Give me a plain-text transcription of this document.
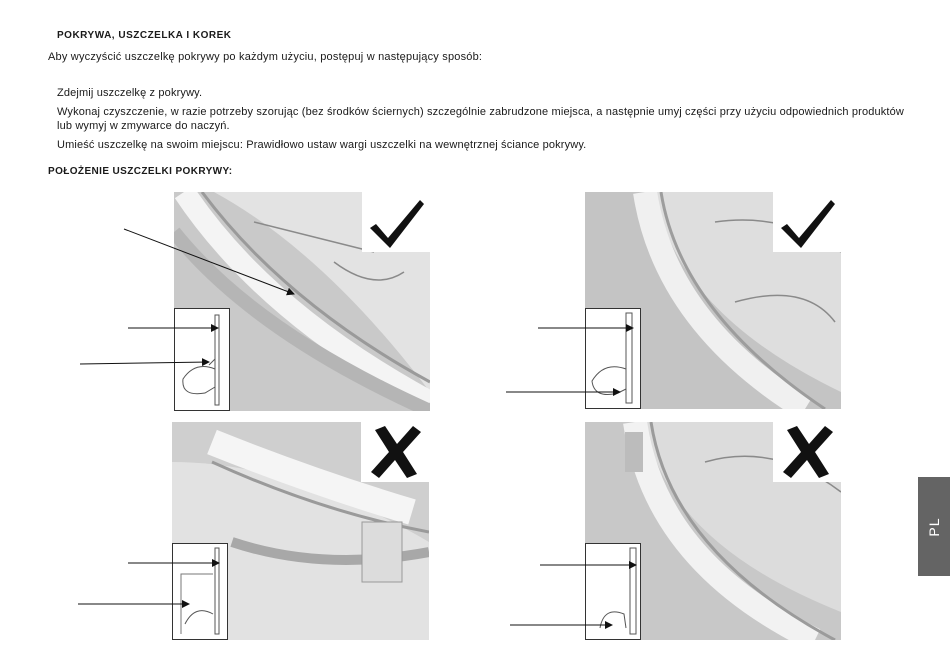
POKRYWA, USZCZELKA I KOREK
Aby wyczyścić uszczelkę pokrywy po każdym użyciu, postępuj w następujący sposób:

Zdejmij uszczelkę z pokrywy.

Wykonaj czyszczenie, w razie potrzeby szorując (bez środków ściernych) szczególnie zabrudzone miejsca, a następnie umyj części przy użyciu odpowiednich produktów lub wymyj w zmywarce do naczyń.

Umieść uszczelkę na swoim miejscu: Prawidłowo ustaw wargi uszczelki na wewnętrznej ściance pokrywy.

POŁOŻENIE USZCZELKI POKRYWY:
PL
